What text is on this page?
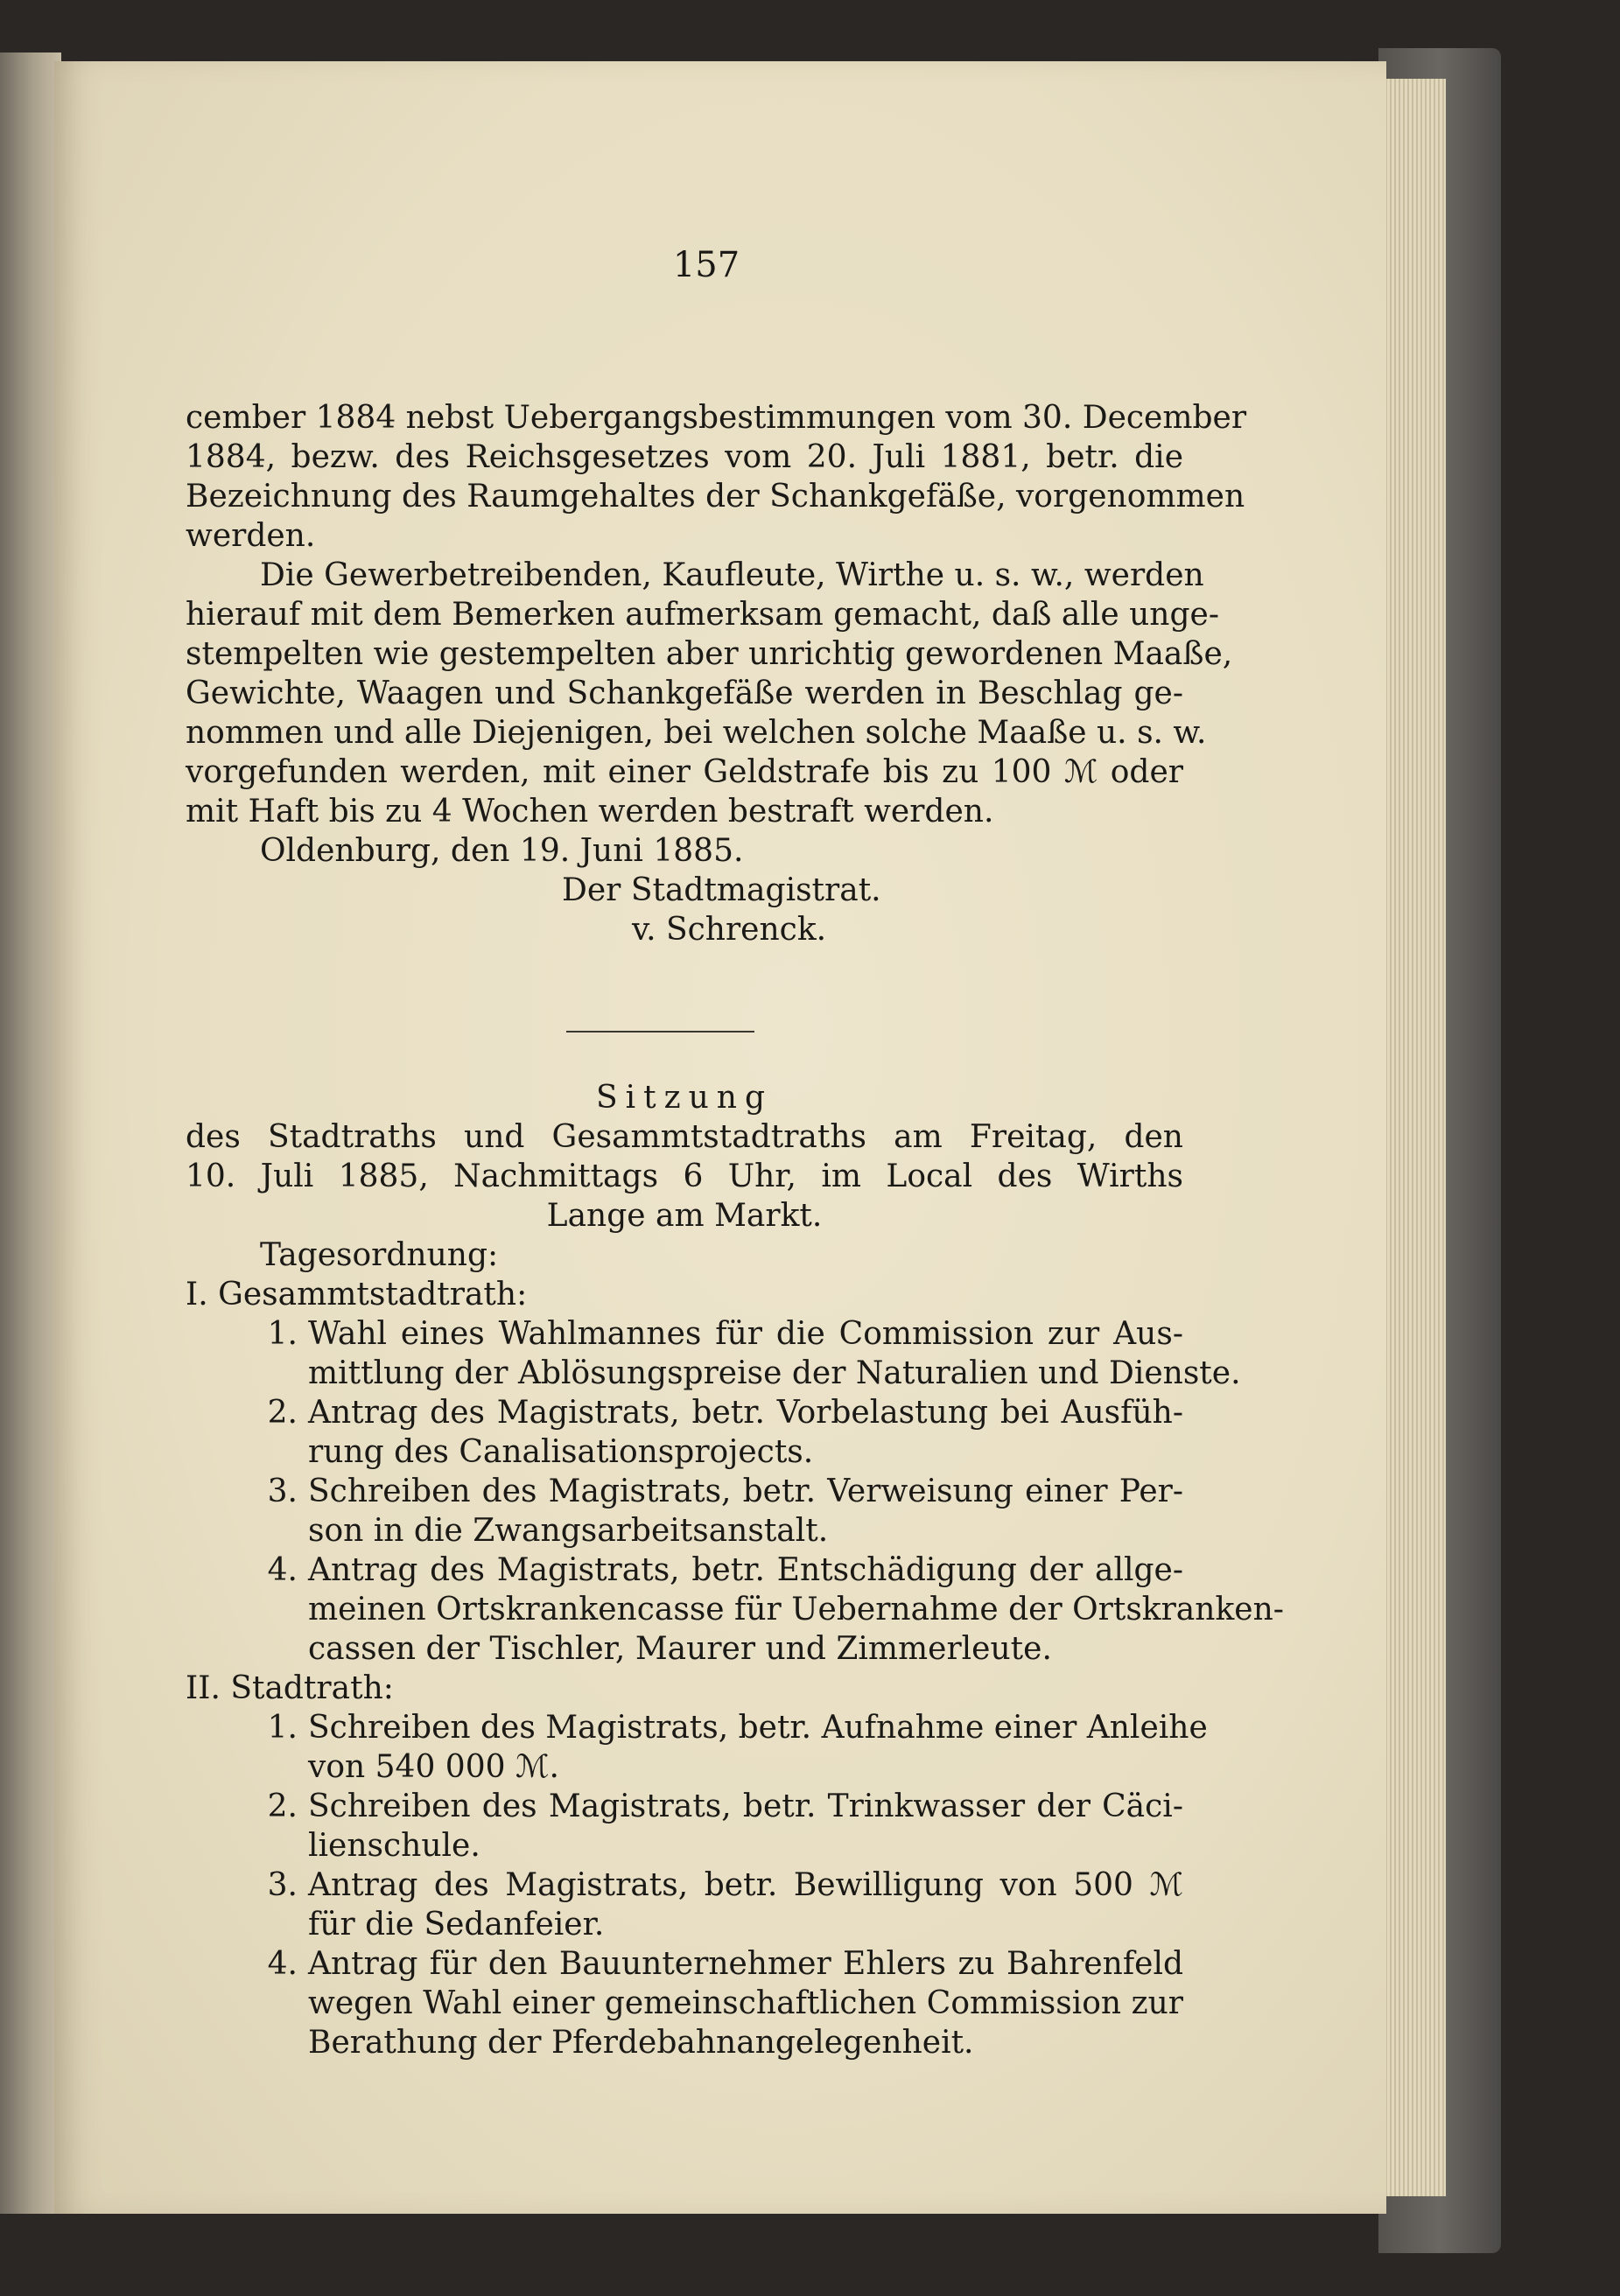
157
cember 1884 nebst Uebergangsbestimmungen vom 30. December
1884, bezw. des Reichsgesetzes vom 20. Juli 1881, betr. die
Bezeichnung des Raumgehaltes der Schankgefäße, vorgenommen
werden.
Die Gewerbetreibenden, Kaufleute, Wirthe u. s. w., werden
hierauf mit dem Bemerken aufmerksam gemacht, daß alle unge-
stempelten wie gestempelten aber unrichtig gewordenen Maaße,
Gewichte, Waagen und Schankgefäße werden in Beschlag ge-
nommen und alle Diejenigen, bei welchen solche Maaße u. s. w.
vorgefunden werden, mit einer Geldstrafe bis zu 100 ℳ oder
mit Haft bis zu 4 Wochen werden bestraft werden.
Oldenburg, den 19. Juni 1885.
Der Stadtmagistrat.
v. Schrenck.
Sitzung
des Stadtraths und Gesammtstadtraths am Freitag, den
10. Juli 1885, Nachmittags 6 Uhr, im Local des Wirths
Lange am Markt.
Tagesordnung:
I. Gesammtstadtrath:
1. Wahl eines Wahlmannes für die Commission zur Aus-
mittlung der Ablösungspreise der Naturalien und Dienste.
2. Antrag des Magistrats, betr. Vorbelastung bei Ausfüh-
rung des Canalisationsprojects.
3. Schreiben des Magistrats, betr. Verweisung einer Per-
son in die Zwangsarbeitsanstalt.
4. Antrag des Magistrats, betr. Entschädigung der allge-
meinen Ortskrankencasse für Uebernahme der Ortskranken-
cassen der Tischler, Maurer und Zimmerleute.
II. Stadtrath:
1. Schreiben des Magistrats, betr. Aufnahme einer Anleihe
von 540 000 ℳ.
2. Schreiben des Magistrats, betr. Trinkwasser der Cäci-
lienschule.
3. Antrag des Magistrats, betr. Bewilligung von 500 ℳ
für die Sedanfeier.
4. Antrag für den Bauunternehmer Ehlers zu Bahrenfeld
wegen Wahl einer gemeinschaftlichen Commission zur
Berathung der Pferdebahnangelegenheit.
